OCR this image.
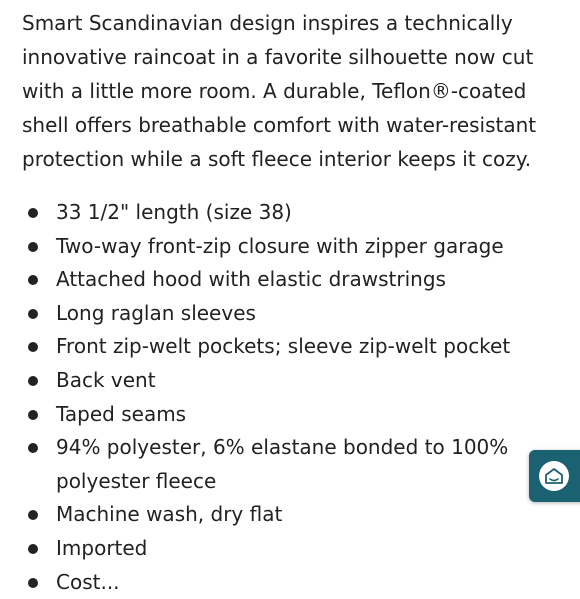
Smart Scandinavian design inspires a technically innovative raincoat in a favorite silhouette now cut with a little more room. A durable, Teflon®-coated shell offers breathable comfort with water-resistant protection while a soft fleece interior keeps it cozy.

33 1/2" length (size 38)
Two-way front-zip closure with zipper garage
Attached hood with elastic drawstrings
Long raglan sleeves
Front zip-welt pockets; sleeve zip-welt pocket
Back vent
Taped seams
94% polyester, 6% elastane bonded to 100% polyester fleece
Machine wash, dry flat
Imported
Cost...
